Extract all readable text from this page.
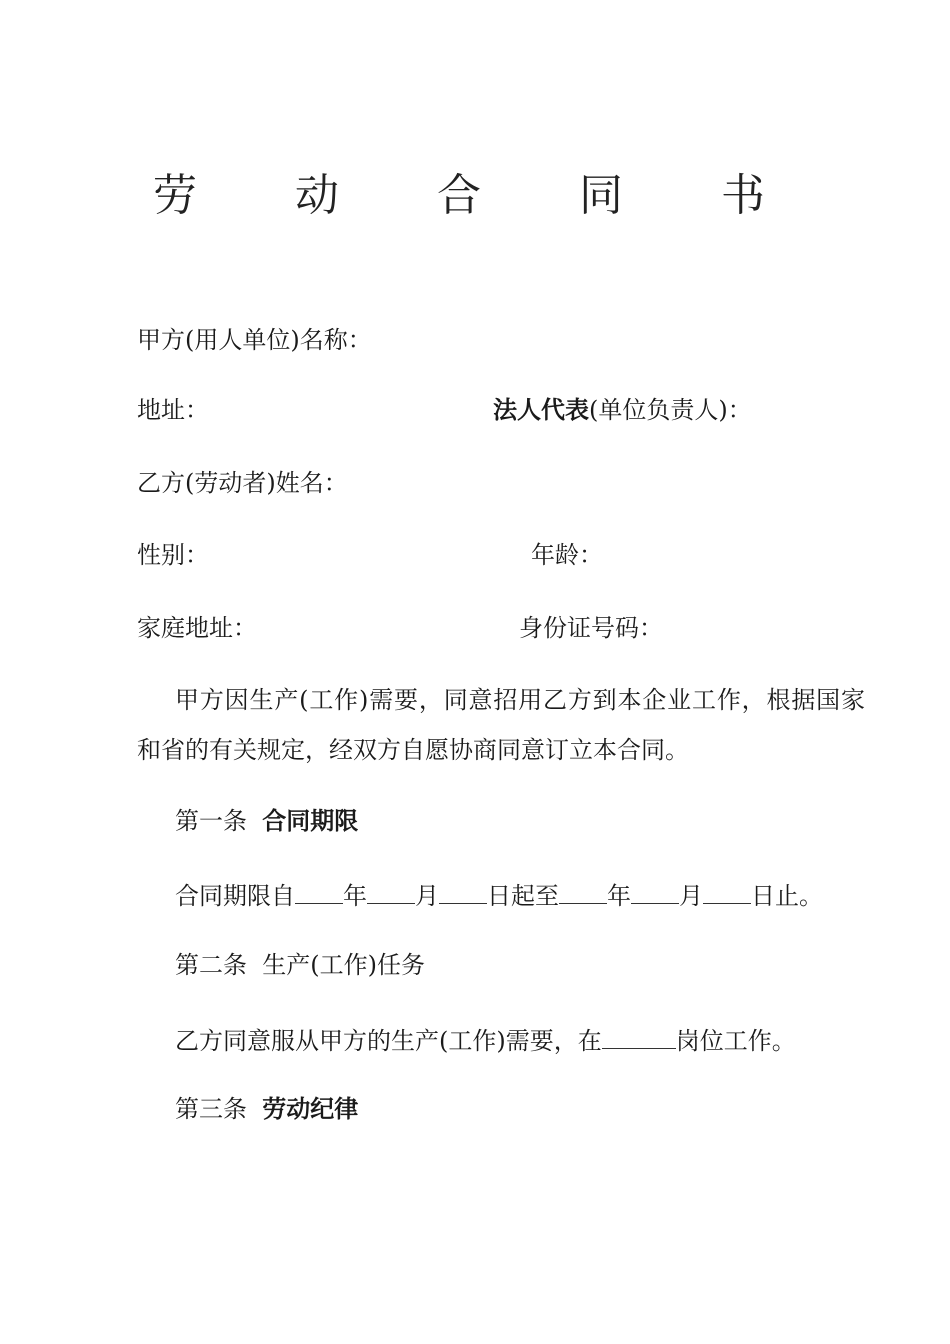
劳 动 合 同 书
甲方(用人单位)名称：
地址：	法人代表(单位负责人)：
乙方(劳动者)姓名：
性别：	年龄：
家庭地址：	身份证号码：
甲方因生产(工作)需要，同意招用乙方到本企业工作，根据国家和省的有关规定，经双方自愿协商同意订立本合同。
第一条 合同期限
合同期限自 年 月 日起至 年 月 日止。
第二条 生产(工作)任务
乙方同意服从甲方的生产(工作)需要，在	岗位工作。
第三条 劳动纪律
